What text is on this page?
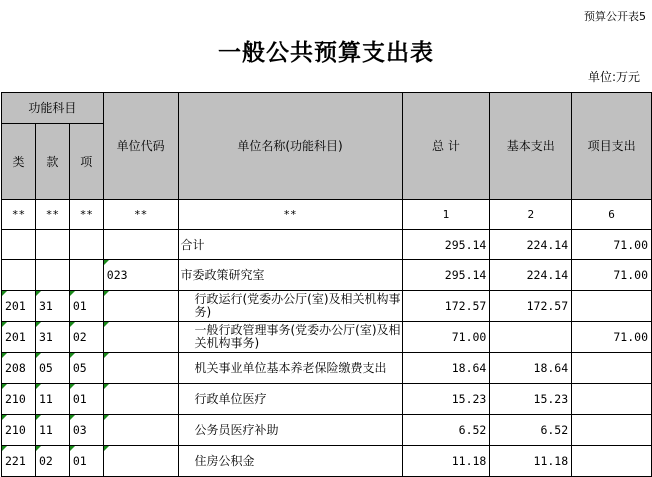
预算公开表5
一般公共预算支出表
单位:万元
功能科目			单位代码	单位名称(功能科目)	总 计	基本支出	项目支出
类	款	项					
**	**	**	**	**	1	2	6
				合计	295.14	224.14	71.00
			023	市委政策研究室	295.14	224.14	71.00
201	31	01		行政运行(党委办公厅(室)及相关机构事务)	172.57	172.57	
201	31	02		一般行政管理事务(党委办公厅(室)及相关机构事务)	71.00		71.00
208	05	05		机关事业单位基本养老保险缴费支出	18.64	18.64	
210	11	01		行政单位医疗	15.23	15.23	
210	11	03		公务员医疗补助	6.52	6.52	
221	02	01		住房公积金	11.18	11.18	
